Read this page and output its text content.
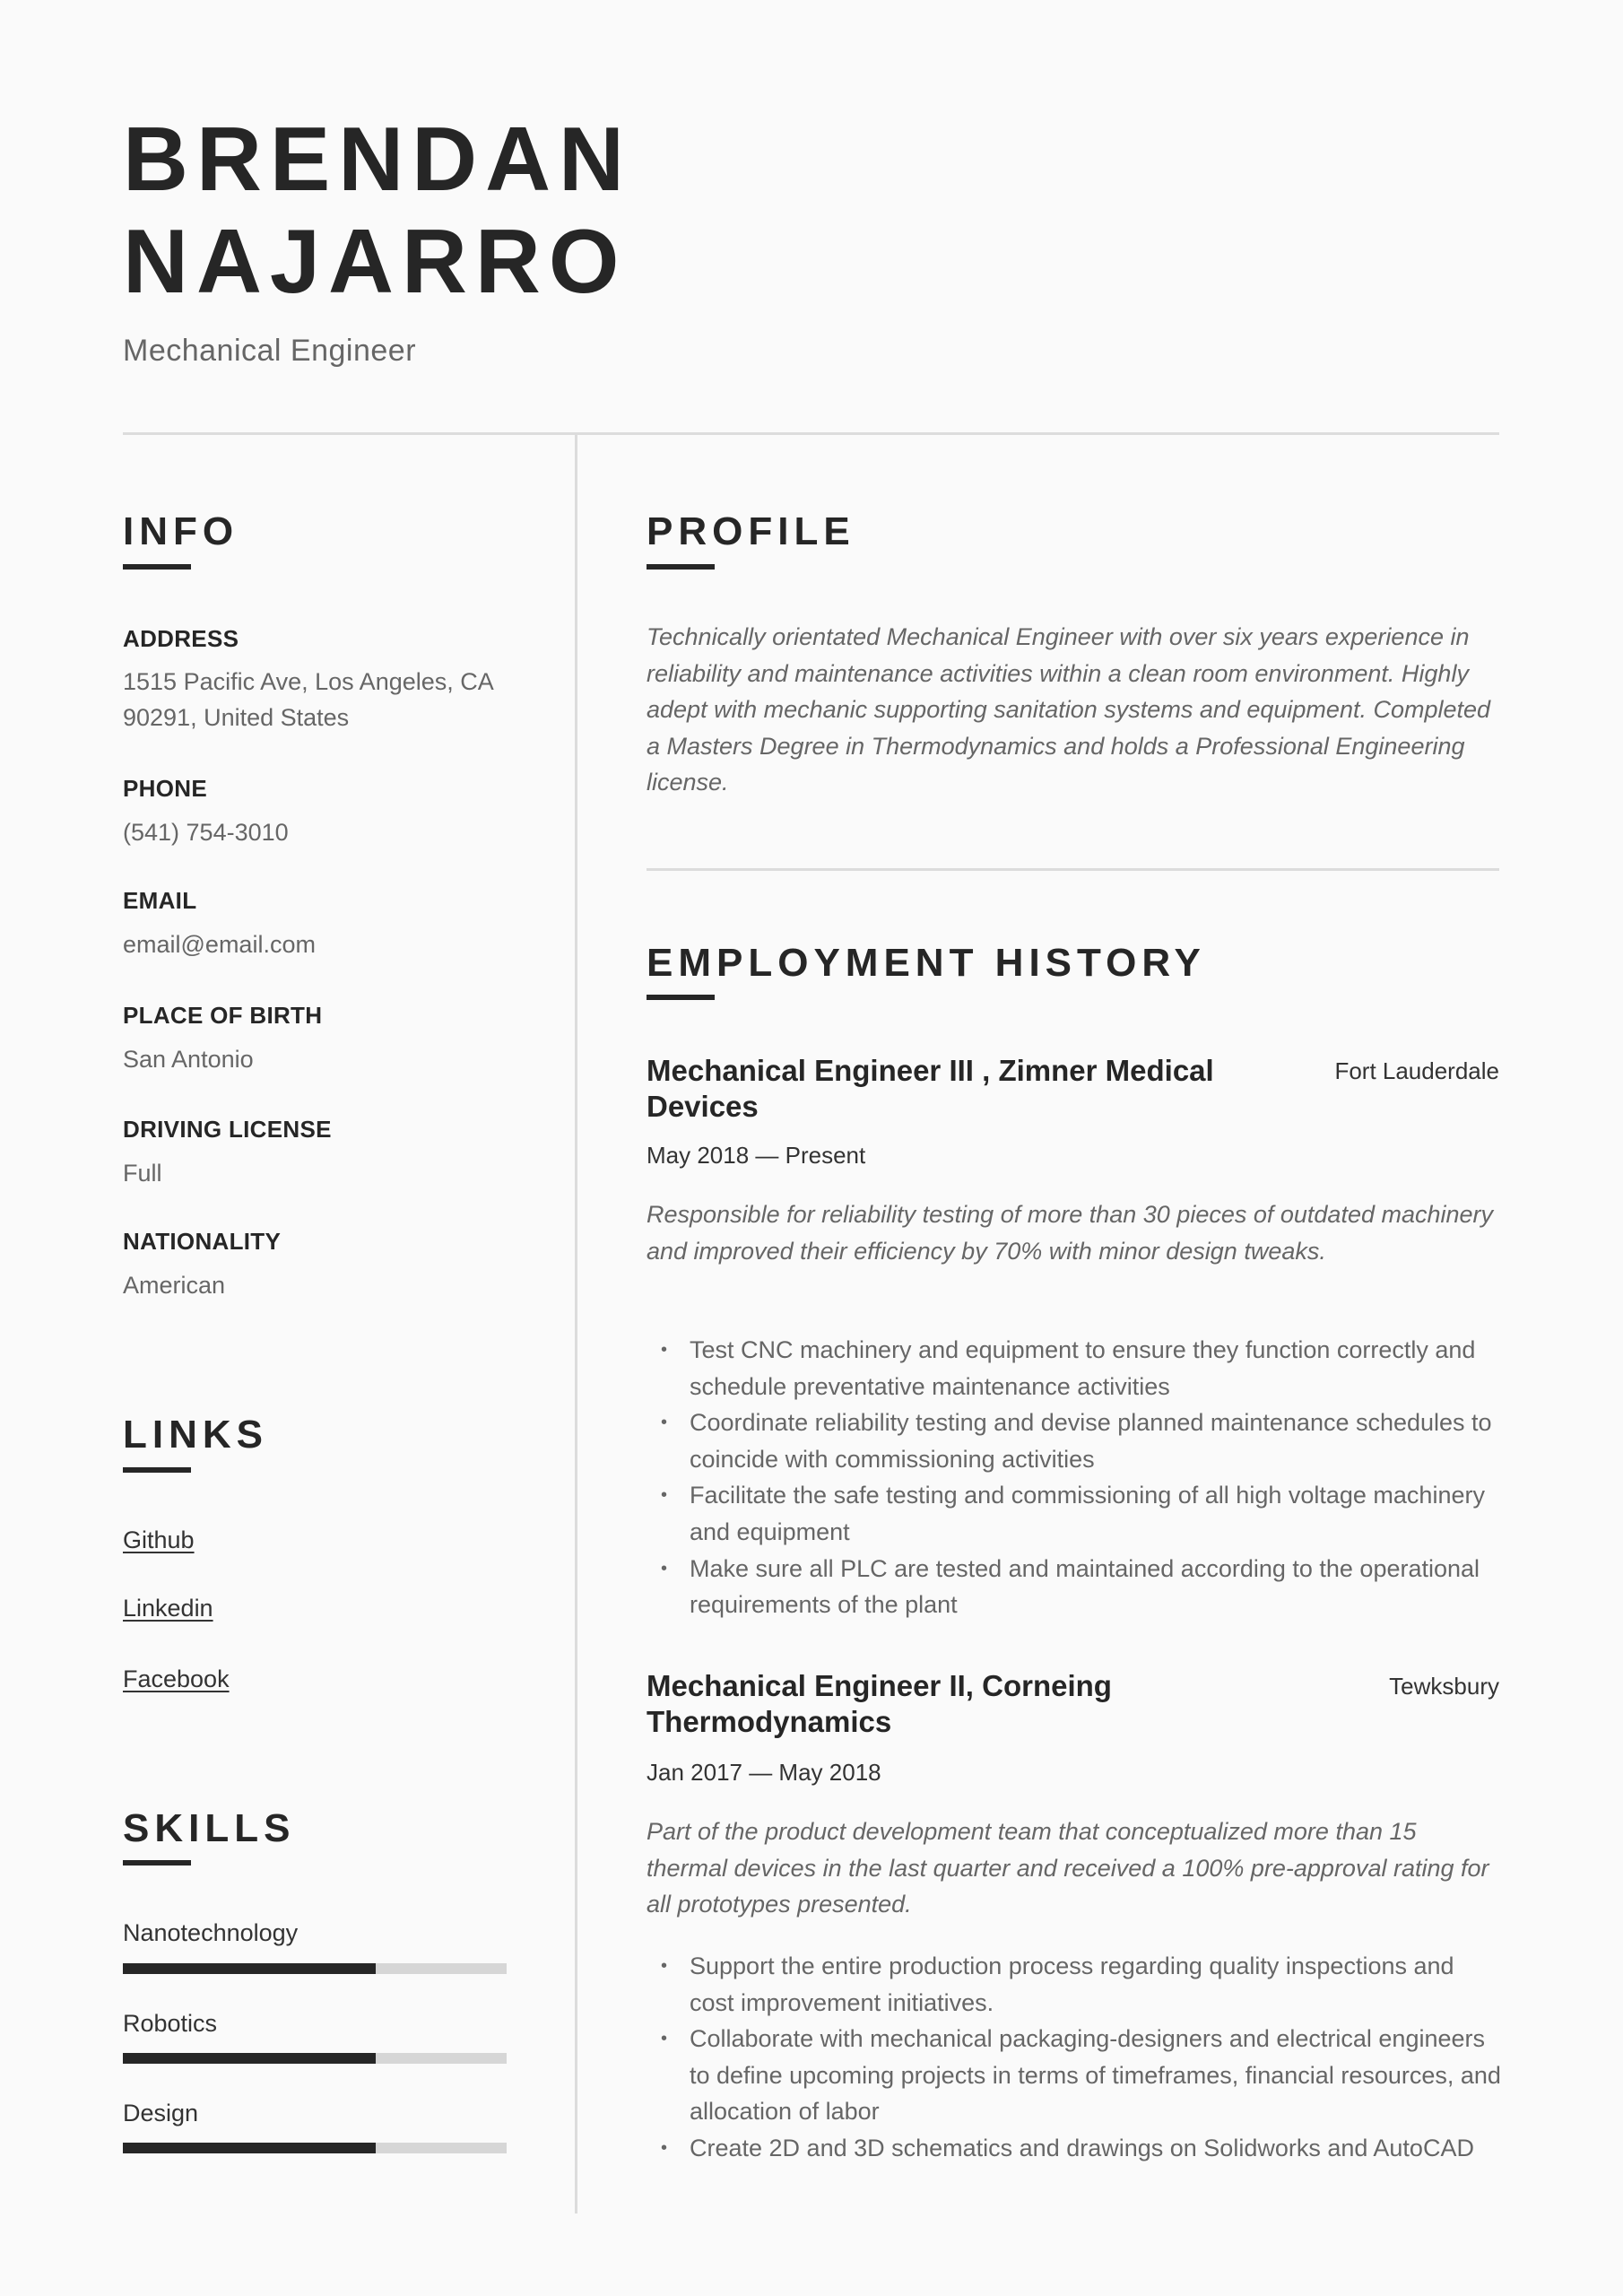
BRENDAN
NAJARRO
Mechanical Engineer
INFO
ADDRESS
1515 Pacific Ave, Los Angeles, CA
90291, United States
PHONE
(541) 754-3010
EMAIL
email@email.com
PLACE OF BIRTH
San Antonio
DRIVING LICENSE
Full
NATIONALITY
American
LINKS
Github
Linkedin
Facebook
SKILLS
Nanotechnology
Robotics
Design
PROFILE
Technically orientated Mechanical Engineer with over six years experience in reliability and maintenance activities within a clean room environment. Highly adept with mechanic supporting sanitation systems and equipment. Completed a Masters Degree in Thermodynamics and holds a Professional Engineering license.
EMPLOYMENT HISTORY
Mechanical Engineer III , Zimner Medical Devices
Fort Lauderdale
May 2018 — Present
Responsible for reliability testing of more than 30 pieces of outdated machinery and improved their efficiency by 70% with minor design tweaks.
• Test CNC machinery and equipment to ensure they function correctly and schedule preventative maintenance activities
• Coordinate reliability testing and devise planned maintenance schedules to coincide with commissioning activities
• Facilitate the safe testing and commissioning of all high voltage machinery and equipment
• Make sure all PLC are tested and maintained according to the operational requirements of the plant
Mechanical Engineer II, Corneing Thermodynamics
Tewksbury
Jan 2017 — May 2018
Part of the product development team that conceptualized more than 15 thermal devices in the last quarter and received a 100% pre-approval rating for all prototypes presented.
• Support the entire production process regarding quality inspections and cost improvement initiatives.
• Collaborate with mechanical packaging-designers and electrical engineers to define upcoming projects in terms of timeframes, financial resources, and allocation of labor
• Create 2D and 3D schematics and drawings on Solidworks and AutoCAD
